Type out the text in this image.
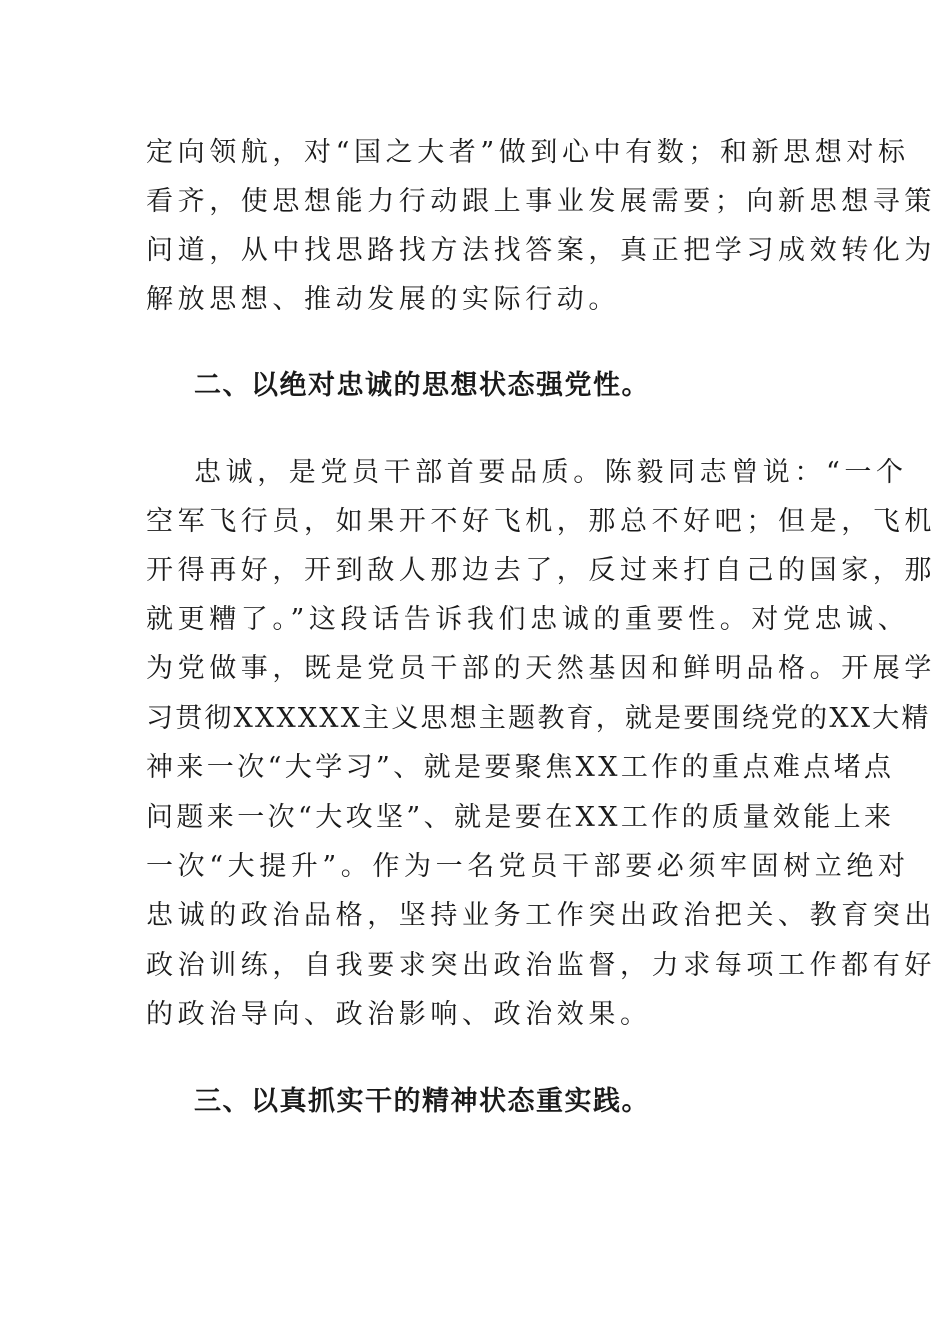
定向领航，对“国之大者”做到心中有数；和新思想对标
看齐，使思想能力行动跟上事业发展需要；向新思想寻策
问道，从中找思路找方法找答案，真正把学习成效转化为
解放思想、推动发展的实际行动。
二、以绝对忠诚的思想状态强党性。
忠诚，是党员干部首要品质。陈毅同志曾说：“一个
空军飞行员，如果开不好飞机，那总不好吧；但是，飞机
开得再好，开到敌人那边去了，反过来打自己的国家，那
就更糟了。”这段话告诉我们忠诚的重要性。对党忠诚、
为党做事，既是党员干部的天然基因和鲜明品格。开展学
习贯彻XXXXXX主义思想主题教育，就是要围绕党的XX大精
神来一次“大学习”、就是要聚焦XX工作的重点难点堵点
问题来一次“大攻坚”、就是要在XX工作的质量效能上来
一次“大提升”。作为一名党员干部要必须牢固树立绝对
忠诚的政治品格，坚持业务工作突出政治把关、教育突出
政治训练，自我要求突出政治监督，力求每项工作都有好
的政治导向、政治影响、政治效果。
三、以真抓实干的精神状态重实践。
